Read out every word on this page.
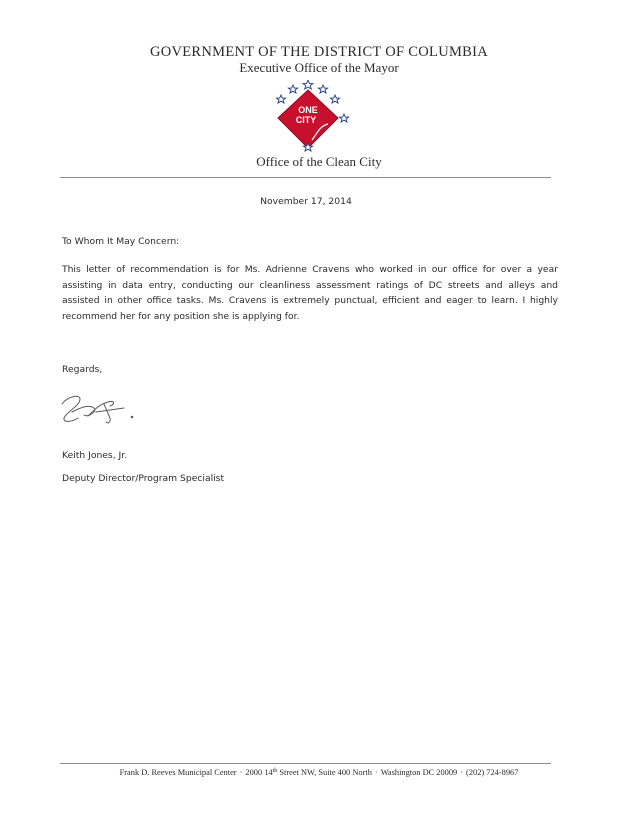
GOVERNMENT OF THE DISTRICT OF COLUMBIA
Executive Office of the Mayor
ONE
CITY
Office of the Clean City
November 17, 2014
To Whom It May Concern:

This letter of recommendation is for Ms. Adrienne Cravens who worked in our office for over a year assisting in data entry, conducting our cleanliness assessment ratings of DC streets and alleys and assisted in other office tasks. Ms. Cravens is extremely punctual, efficient and eager to learn. I highly recommend her for any position she is applying for.

Regards,
Keith Jones, Jr.
Deputy Director/Program Specialist
Frank D. Reeves Municipal Center · 2000 14th Street NW, Suite 400 North · Washington DC 20009 · (202) 724-8967
